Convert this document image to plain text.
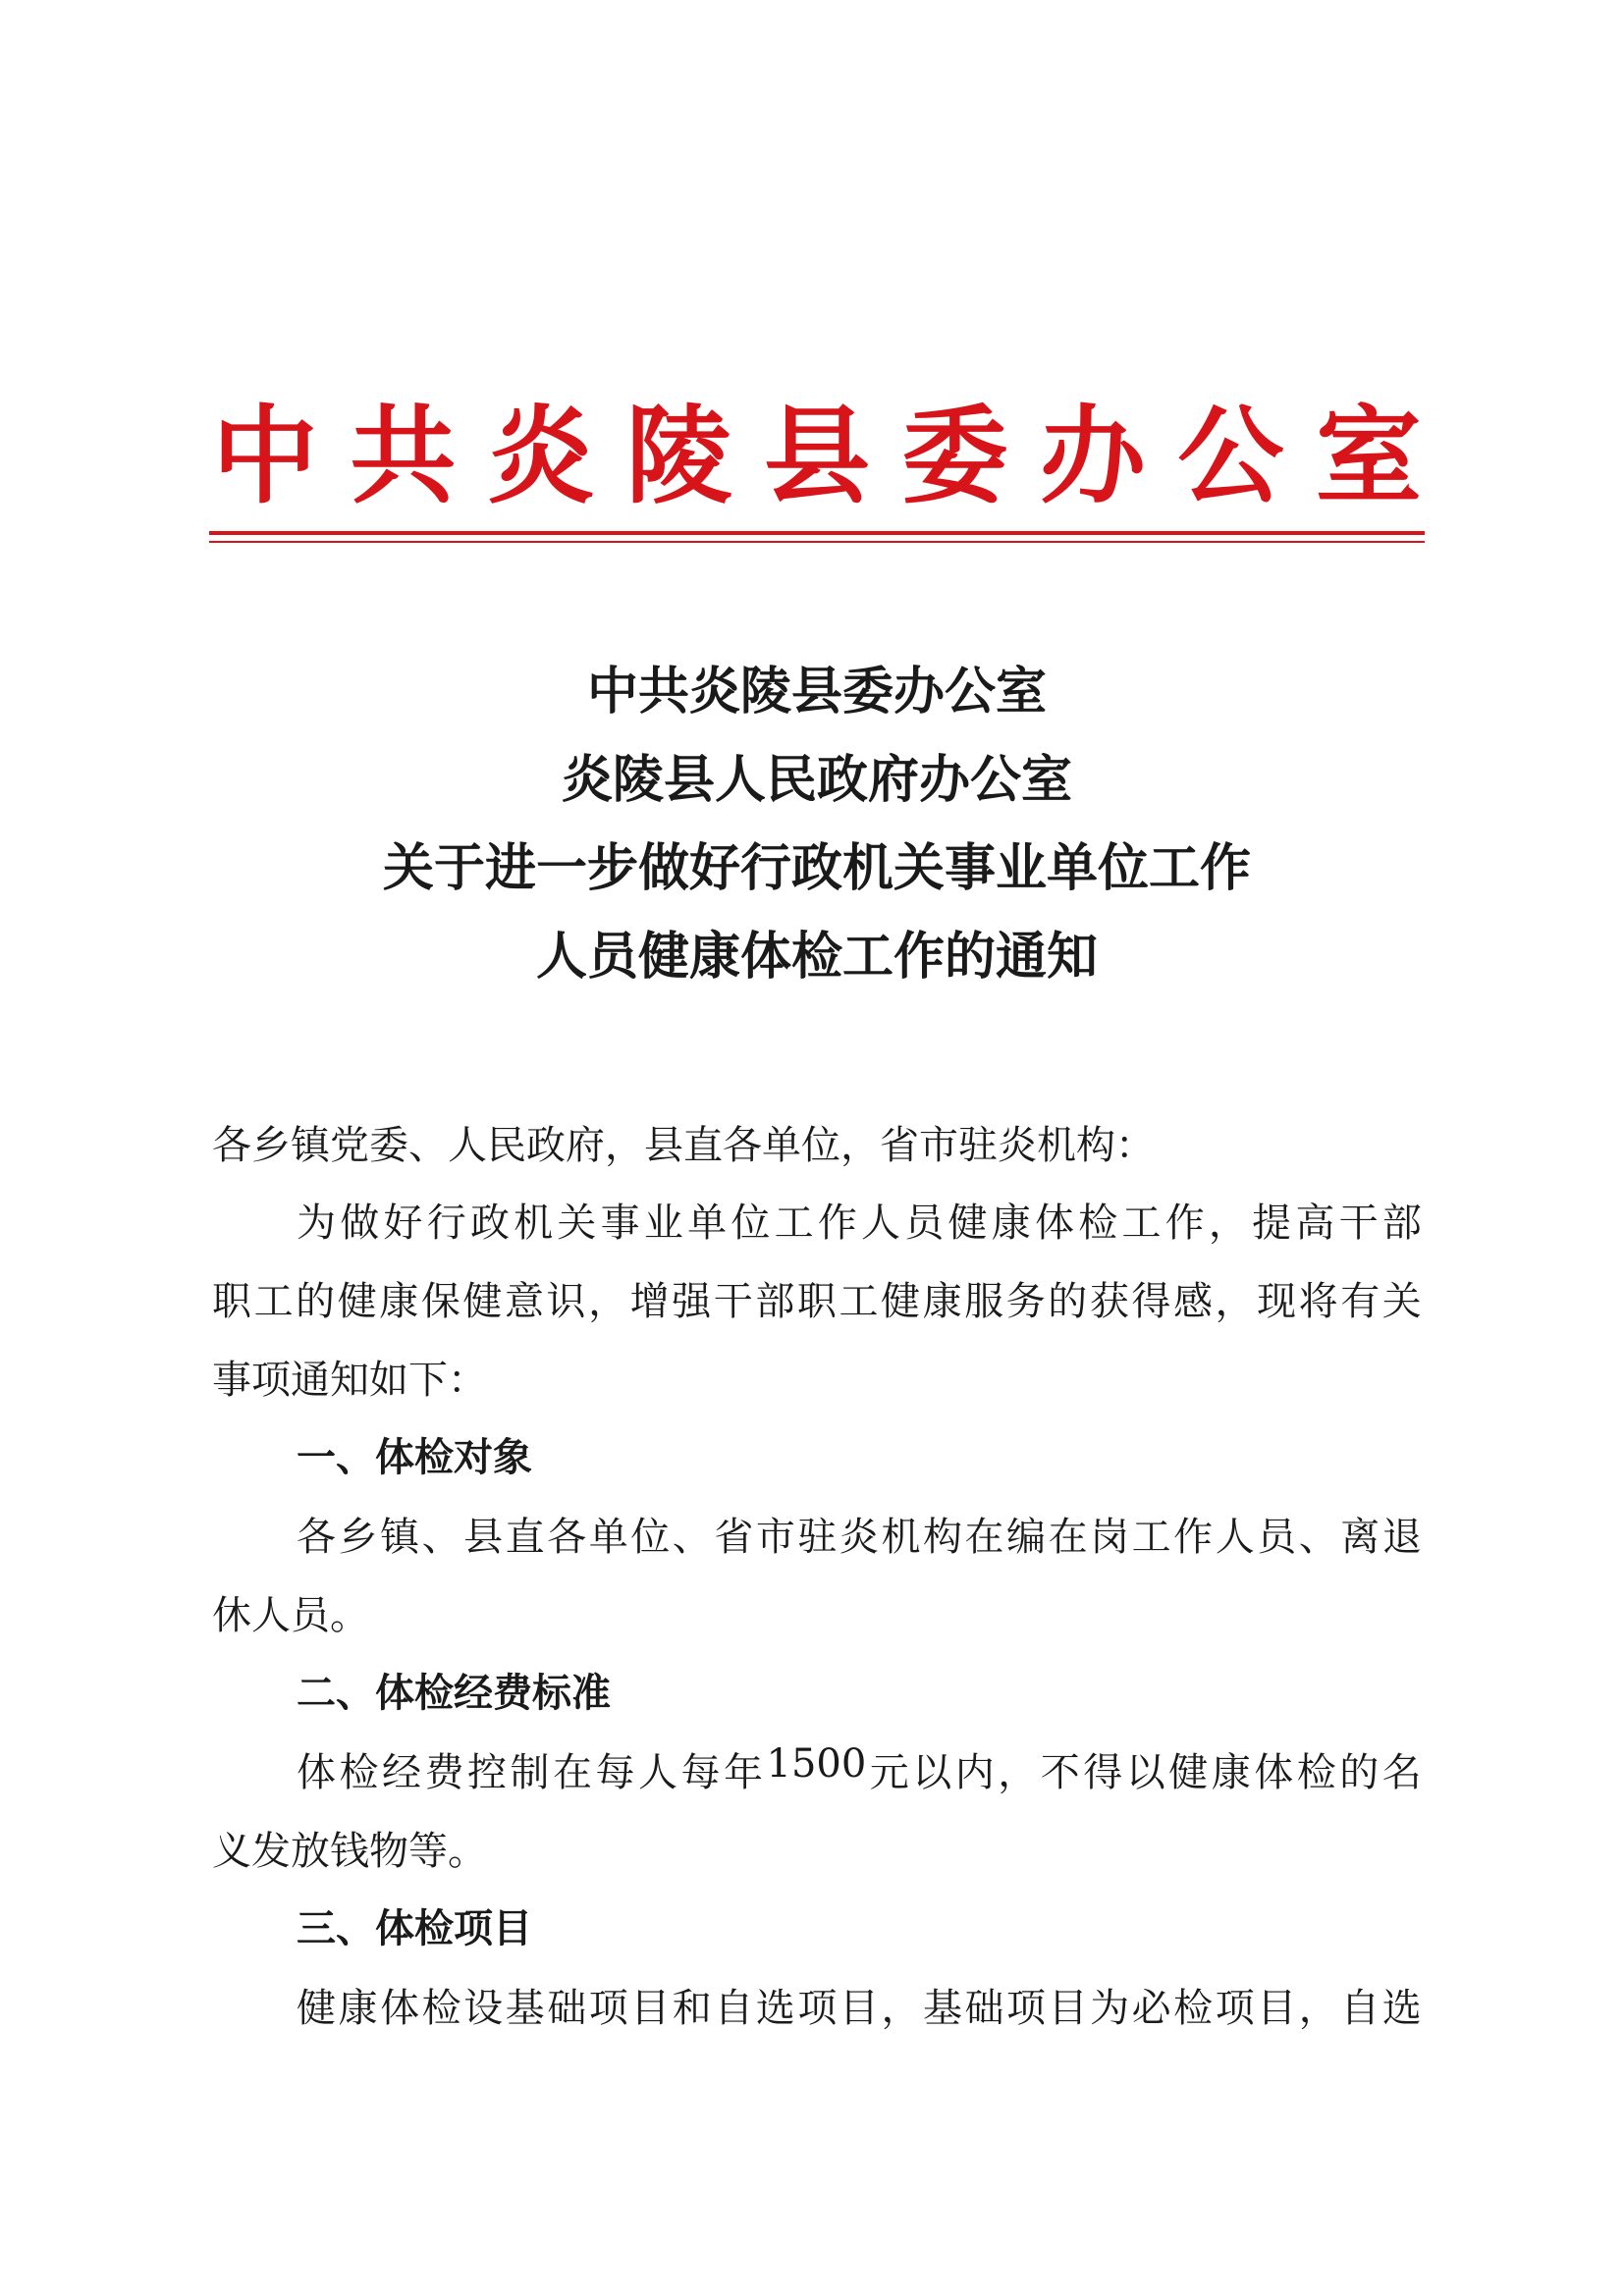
中 共 炎 陵 县 委 办 公 室
中共炎陵县委办公室
炎陵县人民政府办公室
关于进一步做好行政机关事业单位工作
人员健康体检工作的通知
各乡镇党委、人民政府，县直各单位，省市驻炎机构：
为 做 好 行 政 机 关 事 业 单 位 工 作 人 员 健 康 体 检 工 作 ， 提 高 干 部
职 工 的 健 康 保 健 意 识 ， 增 强 干 部 职 工 健 康 服 务 的 获 得 感 ， 现 将 有 关
事项通知如下：
一、体检对象
各 乡 镇 、 县 直 各 单 位 、 省 市 驻 炎 机 构 在 编 在 岗 工 作 人 员 、 离 退
休人员。
二、体检经费标准
体 检 经 费 控 制 在 每 人 每 年 1500 元 以 内 ， 不 得 以 健 康 体 检 的 名
义发放钱物等。
三、体检项目
健 康 体 检 设 基 础 项 目 和 自 选 项 目 ， 基 础 项 目 为 必 检 项 目 ， 自 选
